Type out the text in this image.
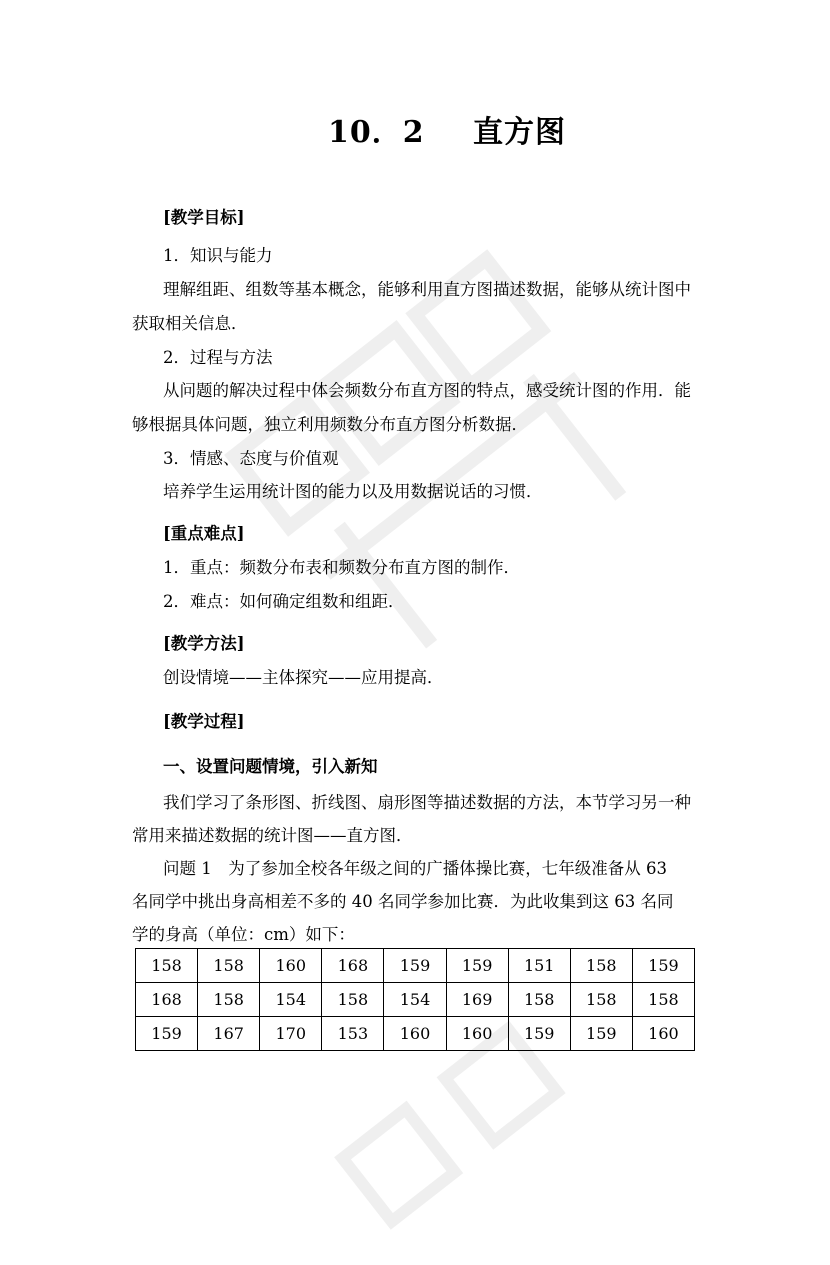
10．2 直方图
[教学目标]
1．知识与能力
理解组距、组数等基本概念，能够利用直方图描述数据，能够从统计图中
获取相关信息．
2．过程与方法
从问题的解决过程中体会频数分布直方图的特点，感受统计图的作用．能
够根据具体问题，独立利用频数分布直方图分析数据．
3．情感、态度与价值观
培养学生运用统计图的能力以及用数据说话的习惯．
[重点难点]
1．重点：频数分布表和频数分布直方图的制作．
2．难点：如何确定组数和组距．
[教学方法]
创设情境——主体探究——应用提高．
[教学过程]
一、设置问题情境，引入新知
我们学习了条形图、折线图、扇形图等描述数据的方法，本节学习另一种
常用来描述数据的统计图——直方图．
问题 1　为了参加全校各年级之间的广播体操比赛，七年级准备从 63
名同学中挑出身高相差不多的 40 名同学参加比赛．为此收集到这 63 名同
学的身高（单位：cm）如下：
158	158	160	168	159	159	151	158	159
168	158	154	158	154	169	158	158	158
159	167	170	153	160	160	159	159	160
